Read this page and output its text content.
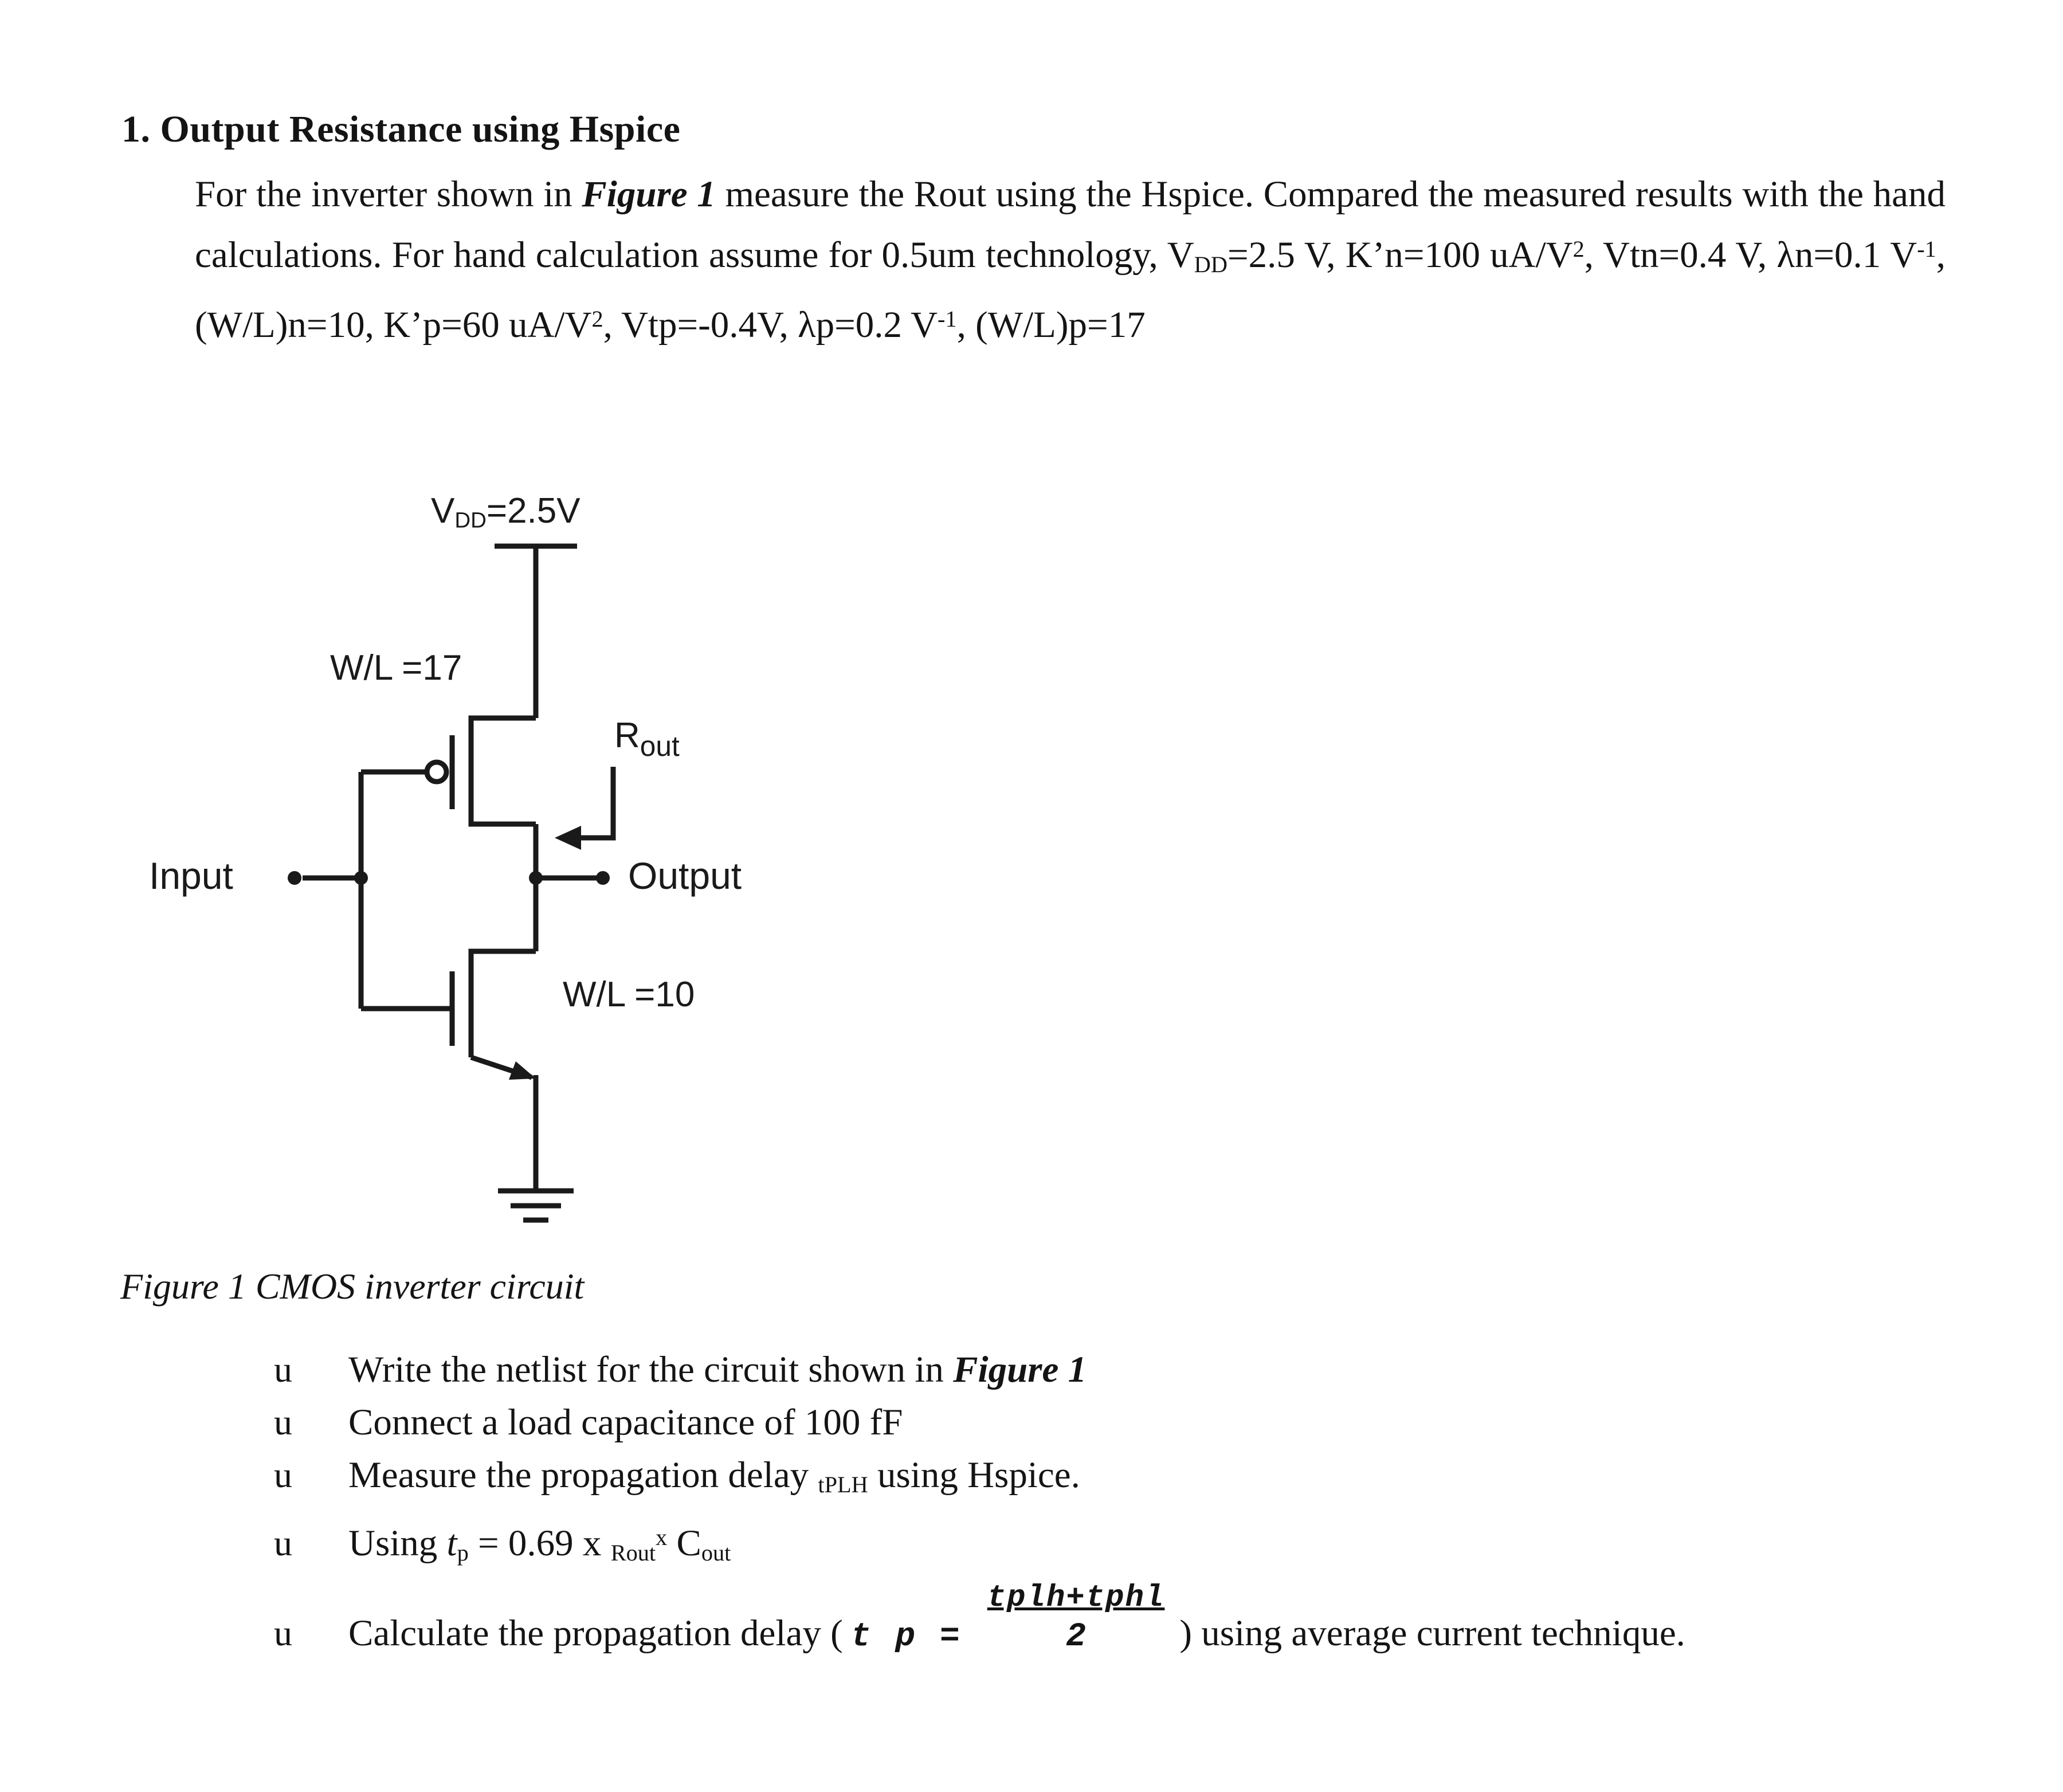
1. Output Resistance using Hspice

For the inverter shown in Figure 1 measure the Rout using the Hspice. Compared the measured results with the hand calculations. For hand calculation assume for 0.5um technology, VDD=2.5 V, K’n=100 $uA/V^2$, Vtn=0.4 V, λn=0.1 $V^{-1}$, (W/L)n=10, K’p=60 $uA/V^2$, Vtp=-0.4V, λp=0.2 $V^{-1}$, (W/L)p=17

VDD=2.5V
W/L =17
$R_{out}$
Input	Output
W/L =10

Figure 1 CMOS inverter circuit

u	Write the netlist for the circuit shown in Figure 1
u	Connect a load capacitance of 100 fF
u	Measure the propagation delay tPLH using Hspice.
u	Using tp = 0.69 x Rout$^x$ Cout
u	Calculate the propagation delay ( t $p = \frac{\text{tplh+tphl}}{2}$ ) using average current technique.
